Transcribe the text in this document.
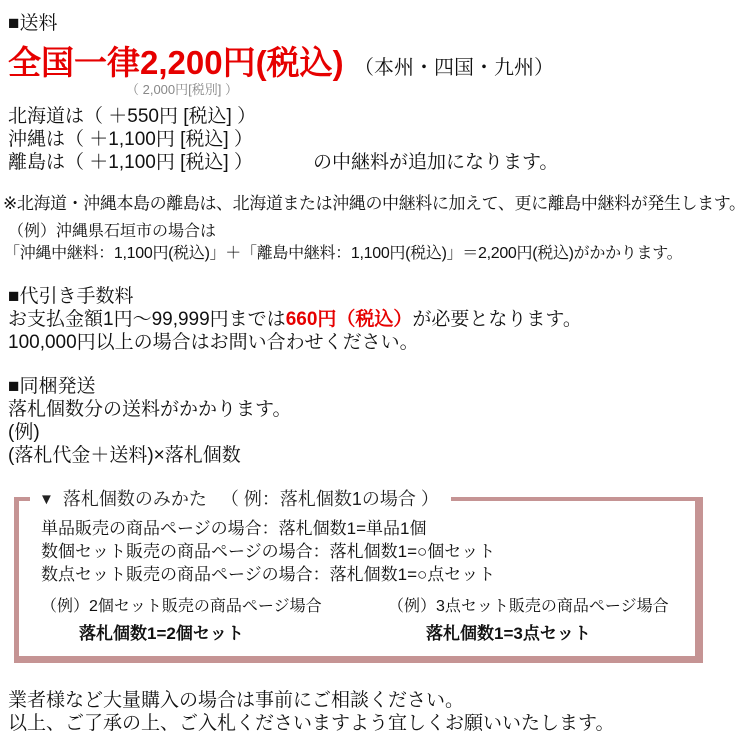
■送料
全国一律2,200円(税込) （本州・四国・九州）
（ 2,000円[税別] ）
北海道は（ ＋550円 [税込] ）
沖縄は（ ＋1,100円 [税込] ）
離島は（ ＋1,100円 [税込] ）	の中継料が追加になります。
※北海道・沖縄本島の離島は、北海道または沖縄の中継料に加えて、更に離島中継料が発生します。
（例）沖縄県石垣市の場合は
「沖縄中継料：1,100円(税込)」＋「離島中継料：1,100円(税込)」＝2,200円(税込)がかかります。
■代引き手数料
お支払金額1円〜99,999円までは660円（税込）が必要となります。
100,000円以上の場合はお問い合わせください。
■同梱発送
落札個数分の送料がかかります。
(例)
(落札代金＋送料)×落札個数
▼ 落札個数のみかた （ 例：落札個数1の場合 ）
単品販売の商品ページの場合：落札個数1=単品1個
数個セット販売の商品ページの場合：落札個数1=○個セット
数点セット販売の商品ページの場合：落札個数1=○点セット
（例）2個セット販売の商品ページ場合
落札個数1=2個セット
（例）3点セット販売の商品ページ場合
落札個数1=3点セット
業者様など大量購入の場合は事前にご相談ください。
以上、ご了承の上、ご入札くださいますよう宜しくお願いいたします。
